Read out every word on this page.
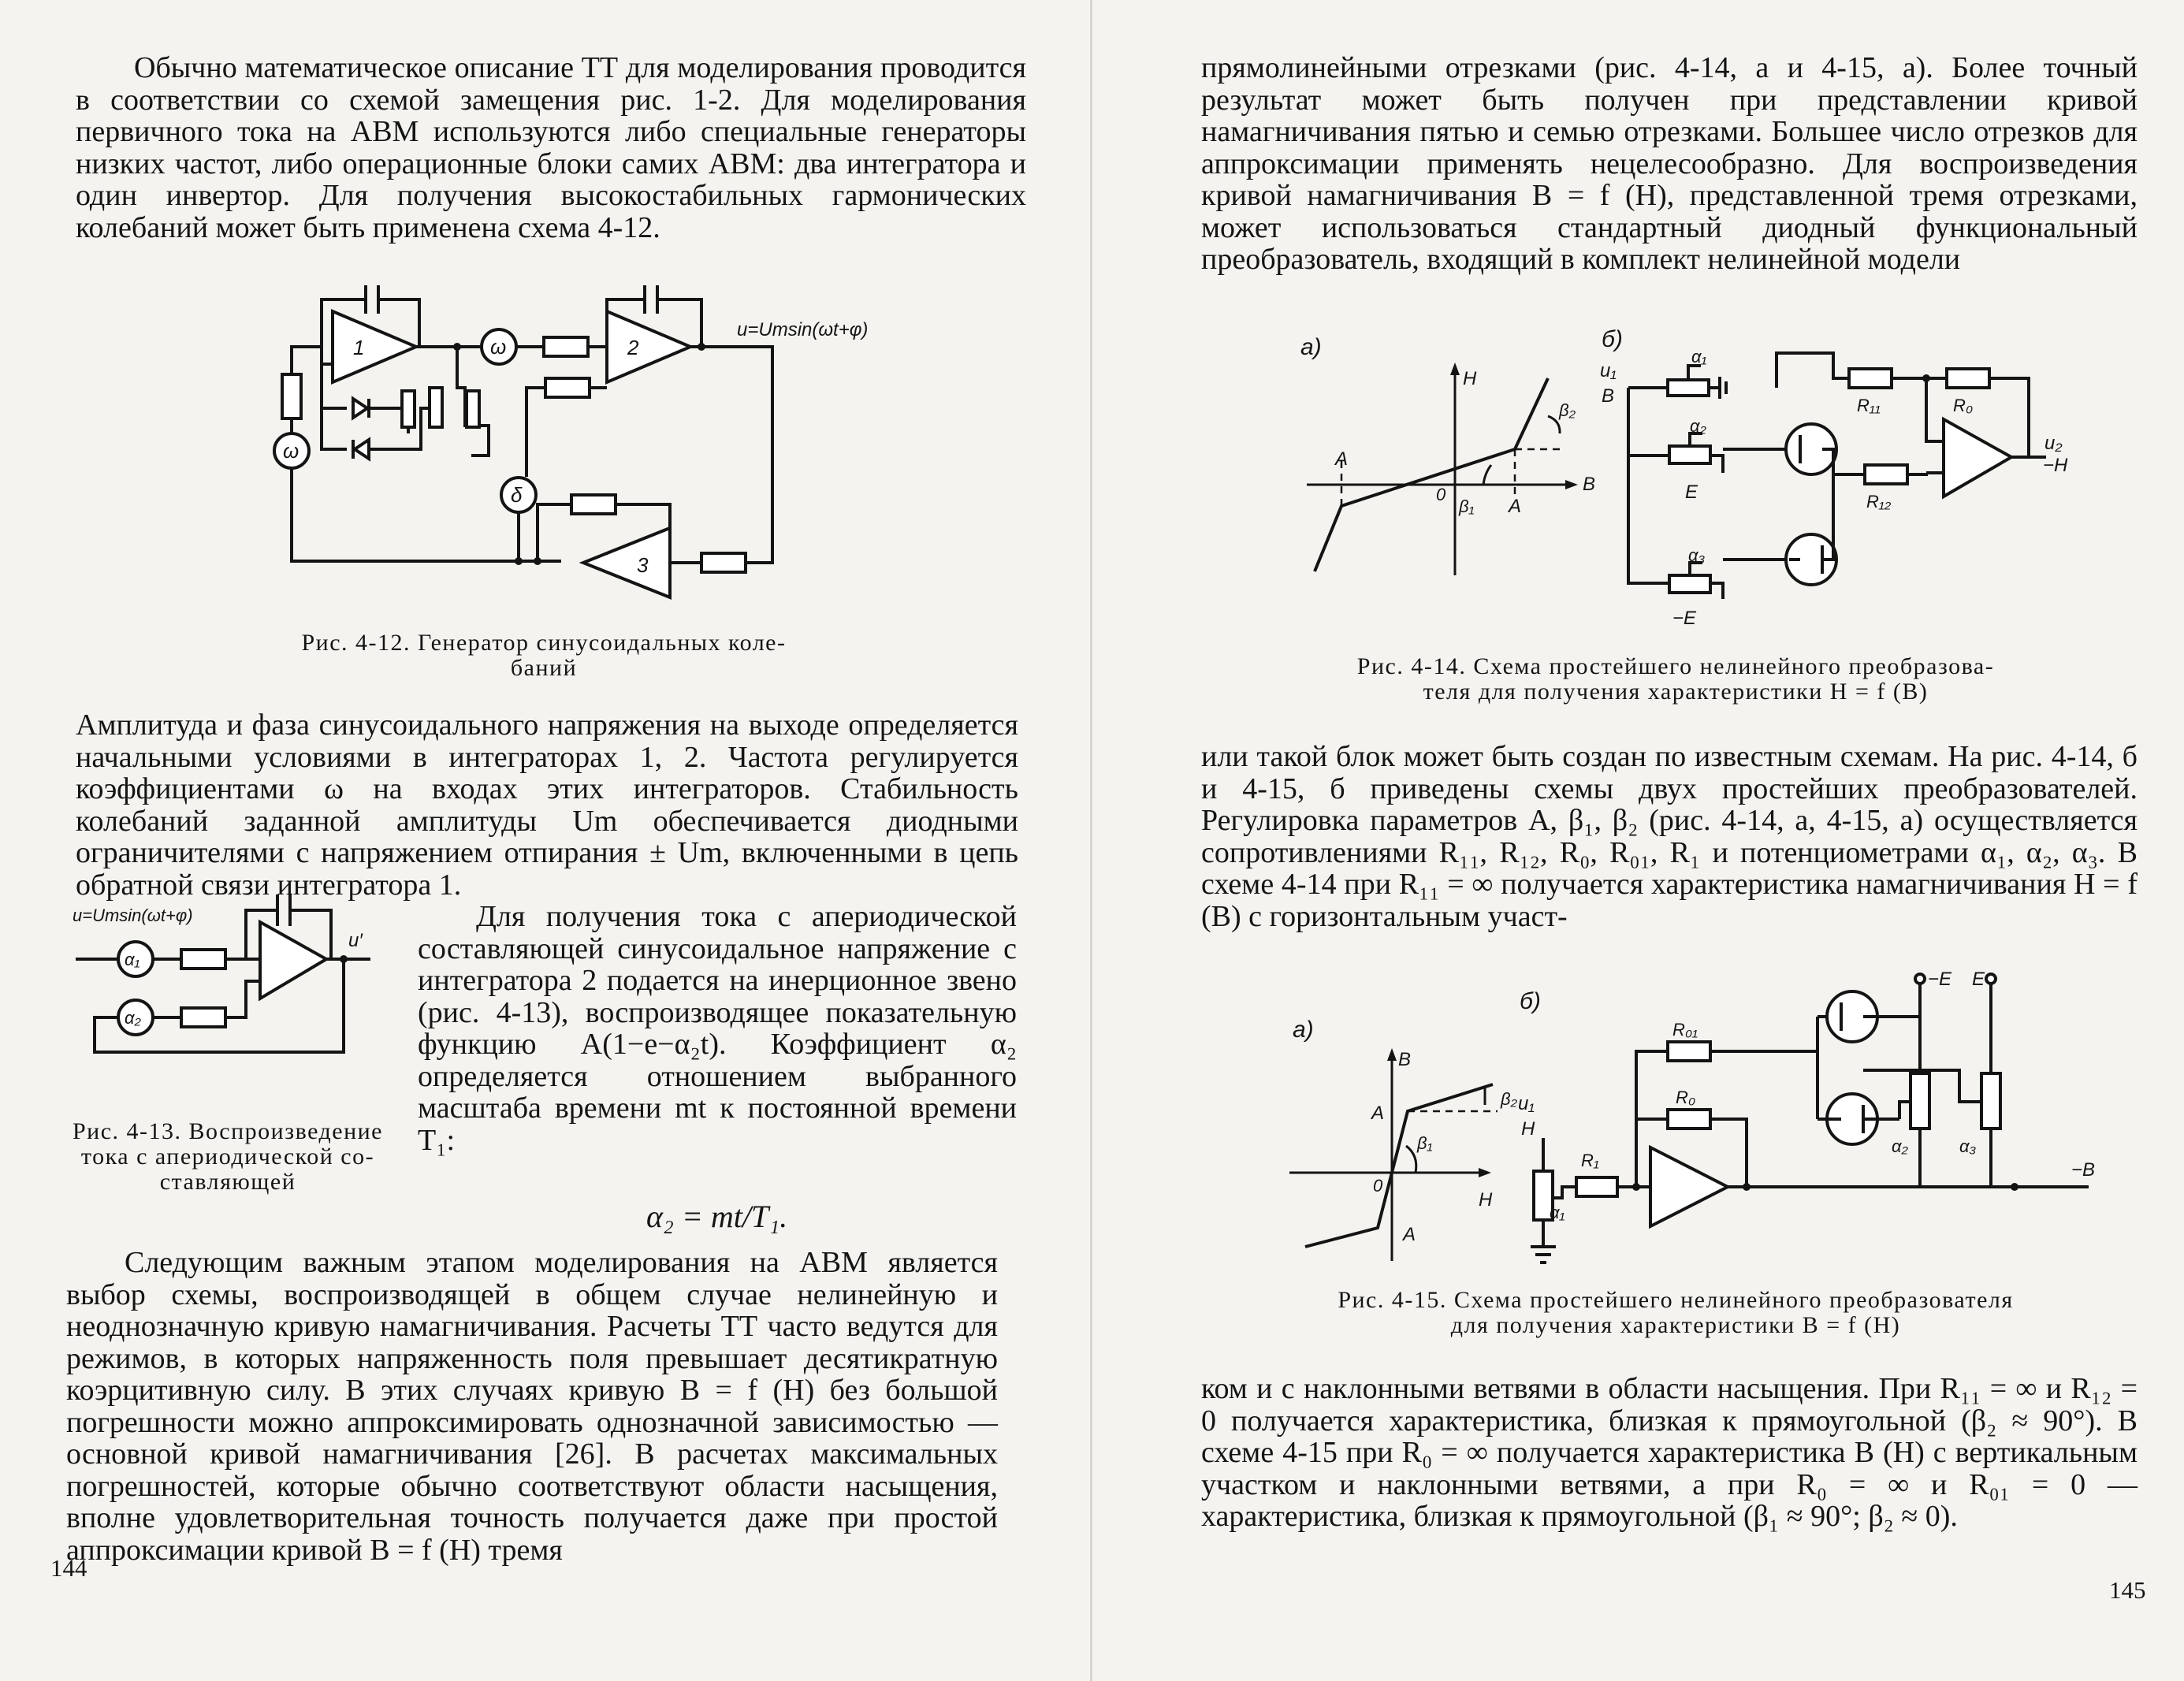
Обычно математическое описание ТТ для моделирования проводится в соответствии со схемой замещения рис. 1-2. Для моделирования первичного тока на АВМ используются либо специальные генераторы низких частот, либо операционные блоки самих АВМ: два интегратора и один инвертор. Для получения высокостабильных гармонических колебаний может быть применена схема 4-12.

1	ω	2
u=Umsin(ωt+φ)
δ
ω
3

Рис. 4-12. Генератор синусоидальных коле-
баний

Амплитуда и фаза синусоидального напряжения на выходе определяется начальными условиями в интеграторах 1, 2. Частота регулируется коэффициентами ω на входах этих интеграторов. Стабильность колебаний заданной амплитуды Um обеспечивается диодными ограничителями с напряжением отпирания ± Um, включенными в цепь обратной связи интегратора 1.

u=Umsin(ωt+φ)
α₁
u′
α₂

Для получения тока с апериодической составляющей синусоидальное напряжение с интегратора 2 подается на инерционное звено (рис. 4-13), воспроизводящее показательную функцию A(1−e−α₂t). Коэффициент α₂ определяется отношением выбранного масштаба времени mt к постоянной времени T₁:

Рис. 4-13. Воспроизведение
тока с апериодической со-
ставляющей

α₂ = mt/T₁.

Следующим важным этапом моделирования на АВМ является выбор схемы, воспроизводящей в общем случае нелинейную и неоднозначную кривую намагничивания. Расчеты ТТ часто ведутся для режимов, в которых напряженность поля превышает десятикратную коэрцитивную силу. В этих случаях кривую B = f (H) без большой погрешности можно аппроксимировать однозначной зависимостью — основной кривой намагничивания [26]. В расчетах максимальных погрешностей, которые обычно соответствуют области насыщения, вполне удовлетворительная точность получается даже при простой аппроксимации кривой B = f (H) тремя

144

прямолинейными отрезками (рис. 4-14, а и 4-15, а). Более точный результат может быть получен при представлении кривой намагничивания пятью и семью отрезками. Большее число отрезков для аппроксимации применять нецелесообразно. Для воспроизведения кривой намагничивания B = f (H), представленной тремя отрезками, может использоваться стандартный диодный функциональный преобразователь, входящий в комплект нелинейной модели

а)
H
B
β₂
β₁
A
A
0
б)
u₁
B
α₁
R₁₁	R₀
u₂
−H
R₁₂
α₂
E
α₃
−E

Рис. 4-14. Схема простейшего нелинейного преобразова-
теля для получения характеристики H = f (B)

или такой блок может быть создан по известным схемам. На рис. 4-14, б и 4-15, б приведены схемы двух простейших преобразователей. Регулировка параметров A, β₁, β₂ (рис. 4-14, а, 4-15, а) осуществляется сопротивлениями R₁₁, R₁₂, R₀, R₀₁, R₁ и потенциометрами α₁, α₂, α₃. В схеме 4-14 при R₁₁ = ∞ получается характеристика намагничивания H = f (B) с горизонтальным участ-

а)
B
H
β₂
β₁
A
A
0
б)
u₁
H
α₁
R₁	−B
R₀₁
R₀
−E
α₂
E
α₃

Рис. 4-15. Схема простейшего нелинейного преобразователя
для получения характеристики B = f (H)

ком и с наклонными ветвями в области насыщения. При R₁₁ = ∞ и R₁₂ = 0 получается характеристика, близкая к прямоугольной (β₂ ≈ 90°). В схеме 4-15 при R₀ = ∞ получается характеристика B (H) с вертикальным участком и наклонными ветвями, а при R₀ = ∞ и R₀₁ = 0 — характеристика, близкая к прямоугольной (β₁ ≈ 90°; β₂ ≈ 0).

145
